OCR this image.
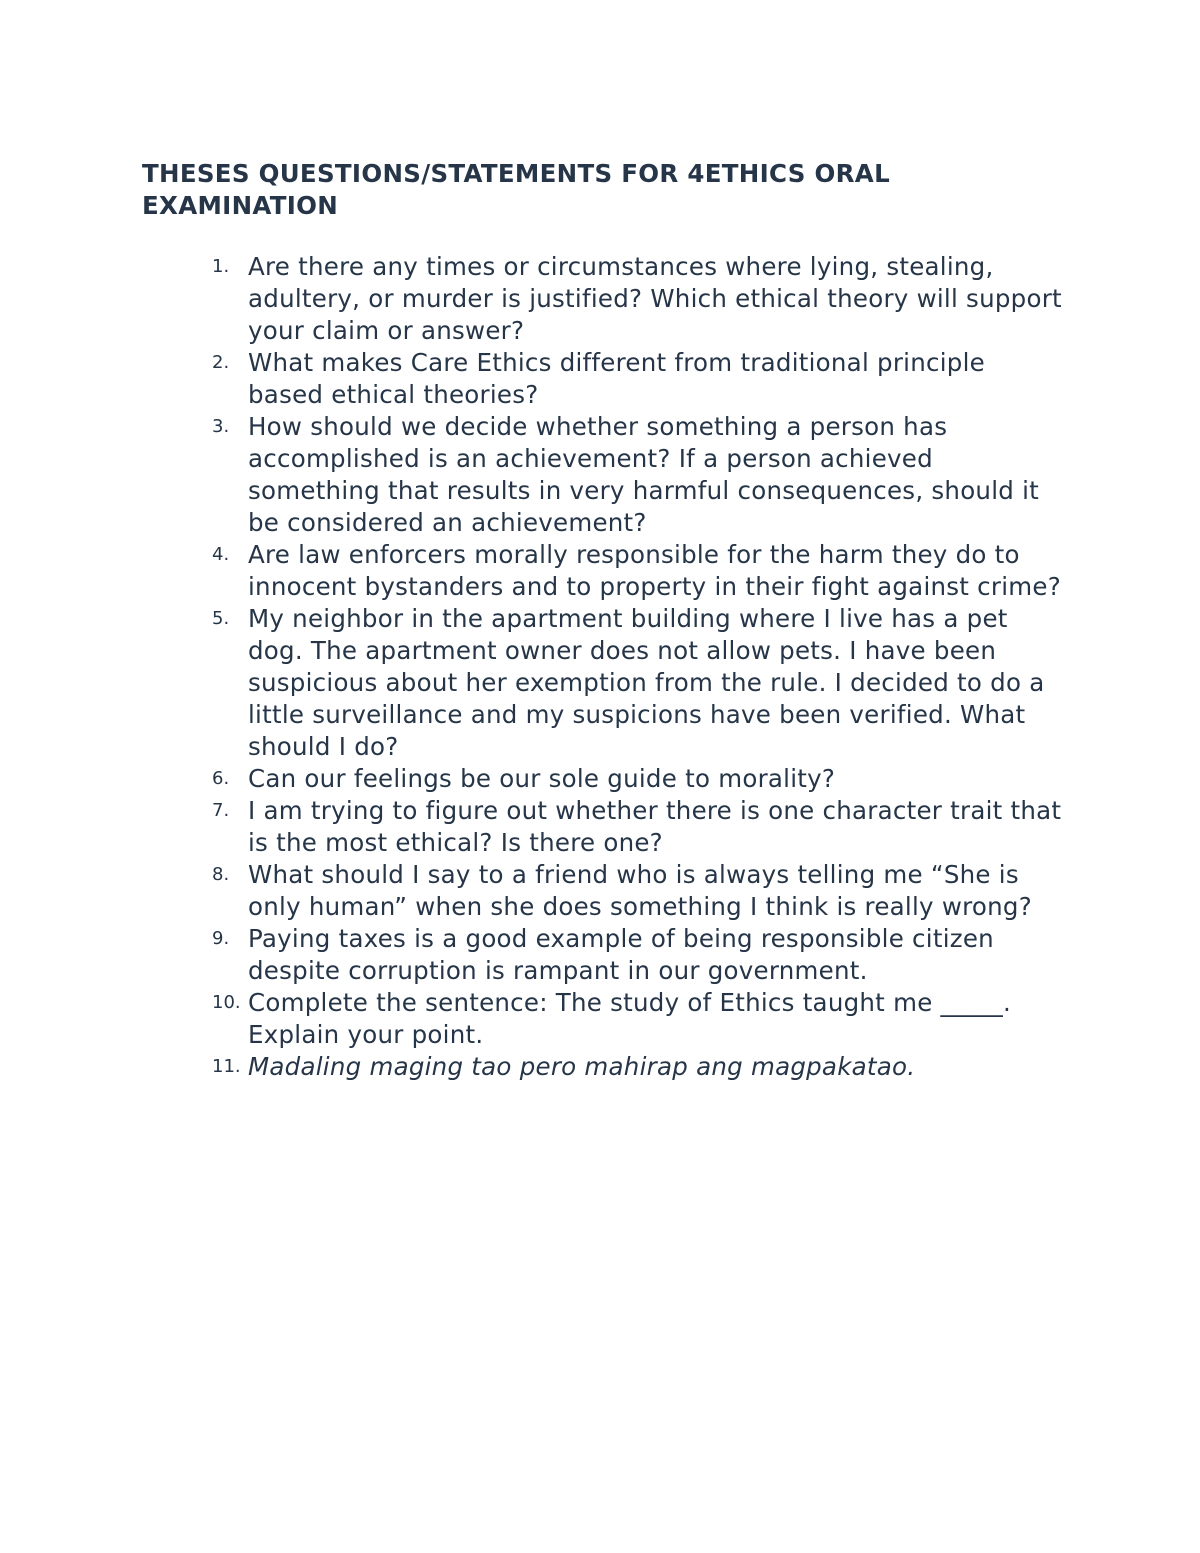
THESES QUESTIONS/STATEMENTS FOR 4ETHICS ORAL EXAMINATION
1. Are there any times or circumstances where lying, stealing, adultery, or murder is justified? Which ethical theory will support your claim or answer?
2. What makes Care Ethics different from traditional principle based ethical theories?
3. How should we decide whether something a person has accomplished is an achievement? If a person achieved something that results in very harmful consequences, should it be considered an achievement?
4. Are law enforcers morally responsible for the harm they do to innocent bystanders and to property in their fight against crime?
5. My neighbor in the apartment building where I live has a pet dog. The apartment owner does not allow pets. I have been suspicious about her exemption from the rule. I decided to do a little surveillance and my suspicions have been verified. What should I do?
6. Can our feelings be our sole guide to morality?
7. I am trying to figure out whether there is one character trait that is the most ethical? Is there one?
8. What should I say to a friend who is always telling me “She is only human” when she does something I think is really wrong?
9. Paying taxes is a good example of being responsible citizen despite corruption is rampant in our government.
10. Complete the sentence: The study of Ethics taught me _____. Explain your point.
11. Madaling maging tao pero mahirap ang magpakatao.
